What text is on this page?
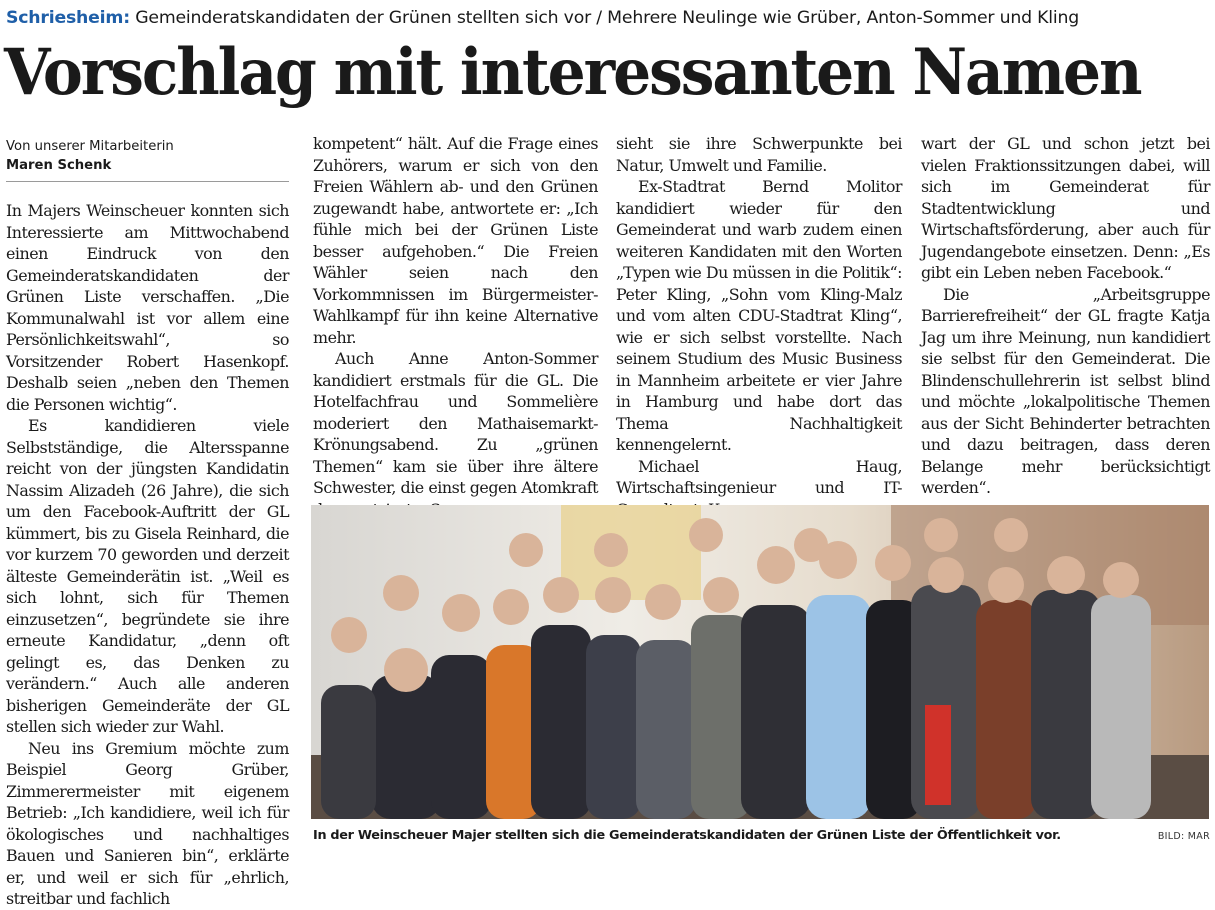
Schriesheim: Gemeinderatskandidaten der Grünen stellten sich vor / Mehrere Neulinge wie Grüber, Anton-Sommer und Kling
Vorschlag mit interessanten Namen
Von unserer Mitarbeiterin
Maren Schenk

In Majers Weinscheuer konnten sich Interessierte am Mittwochabend einen Eindruck von den Gemeinderatskandidaten der Grünen Liste verschaffen. „Die Kommunalwahl ist vor allem eine Persönlichkeitswahl“, so Vorsitzender Robert Hasenkopf. Deshalb seien „neben den Themen die Personen wichtig“.

Es kandidieren viele Selbstständige, die Altersspanne reicht von der jüngsten Kandidatin Nassim Alizadeh (26 Jahre), die sich um den Facebook-Auftritt der GL kümmert, bis zu Gisela Reinhard, die vor kurzem 70 geworden und derzeit älteste Gemeinderätin ist. „Weil es sich lohnt, sich für Themen einzusetzen“, begründete sie ihre erneute Kandidatur, „denn oft gelingt es, das Denken zu verändern.“ Auch alle anderen bisherigen Gemeinderäte der GL stellen sich wieder zur Wahl.

Neu ins Gremium möchte zum Beispiel Georg Grüber, Zimmerermeister mit eigenem Betrieb: „Ich kandidiere, weil ich für ökologisches und nachhaltiges Bauen und Sanieren bin“, erklärte er, und weil er sich für „ehrlich, streitbar und fachlich

kompetent“ hält. Auf die Frage eines Zuhörers, warum er sich von den Freien Wählern ab- und den Grünen zugewandt habe, antwortete er: „Ich fühle mich bei der Grünen Liste besser aufgehoben.“ Die Freien Wähler seien nach den Vorkommnissen im Bürgermeister-Wahlkampf für ihn keine Alternative mehr.

Auch Anne Anton-Sommer kandidiert erstmals für die GL. Die Hotelfachfrau und Sommelière moderiert den Mathaisemarkt-Krönungsabend. Zu „grünen Themen“ kam sie über ihre ältere Schwester, die einst gegen Atomkraft

sieht sie ihre Schwerpunkte bei Natur, Umwelt und Familie.

Ex-Stadtrat Bernd Molitor kandidiert wieder für den Gemeinderat und warb zudem einen weiteren Kandidaten mit den Worten „Typen wie Du müssen in die Politik“: Peter Kling, „Sohn vom Kling-Malz und vom alten CDU-Stadtrat Kling“, wie er sich selbst vorstellte. Nach seinem Studium des Music Business in Mannheim arbeitete er vier Jahre in Hamburg und habe dort das Thema Nachhaltigkeit kennengelernt.

Michael Haug, Wirtschaftsingenieur und IT-

wart der GL und schon jetzt bei vielen Fraktionssitzungen dabei, will sich im Gemeinderat für Stadtentwicklung und Wirtschaftsförderung, aber auch für Jugendangebote einsetzen. Denn: „Es gibt ein Leben neben Facebook.“

Die „Arbeitsgruppe Barrierefreiheit“ der GL fragte Katja Jag um ihre Meinung, nun kandidiert sie selbst für den Gemeinderat. Die Blindenschullehrerin ist selbst blind und möchte „lokalpolitische Themen aus der Sicht Behinderter betrachten und dazu beitragen, dass deren Belange mehr berücksichtigt werden“.

In der Weinscheuer Majer stellten sich die Gemeinderatskandidaten der Grünen Liste der Öffentlichkeit vor.	BILD: MAR
